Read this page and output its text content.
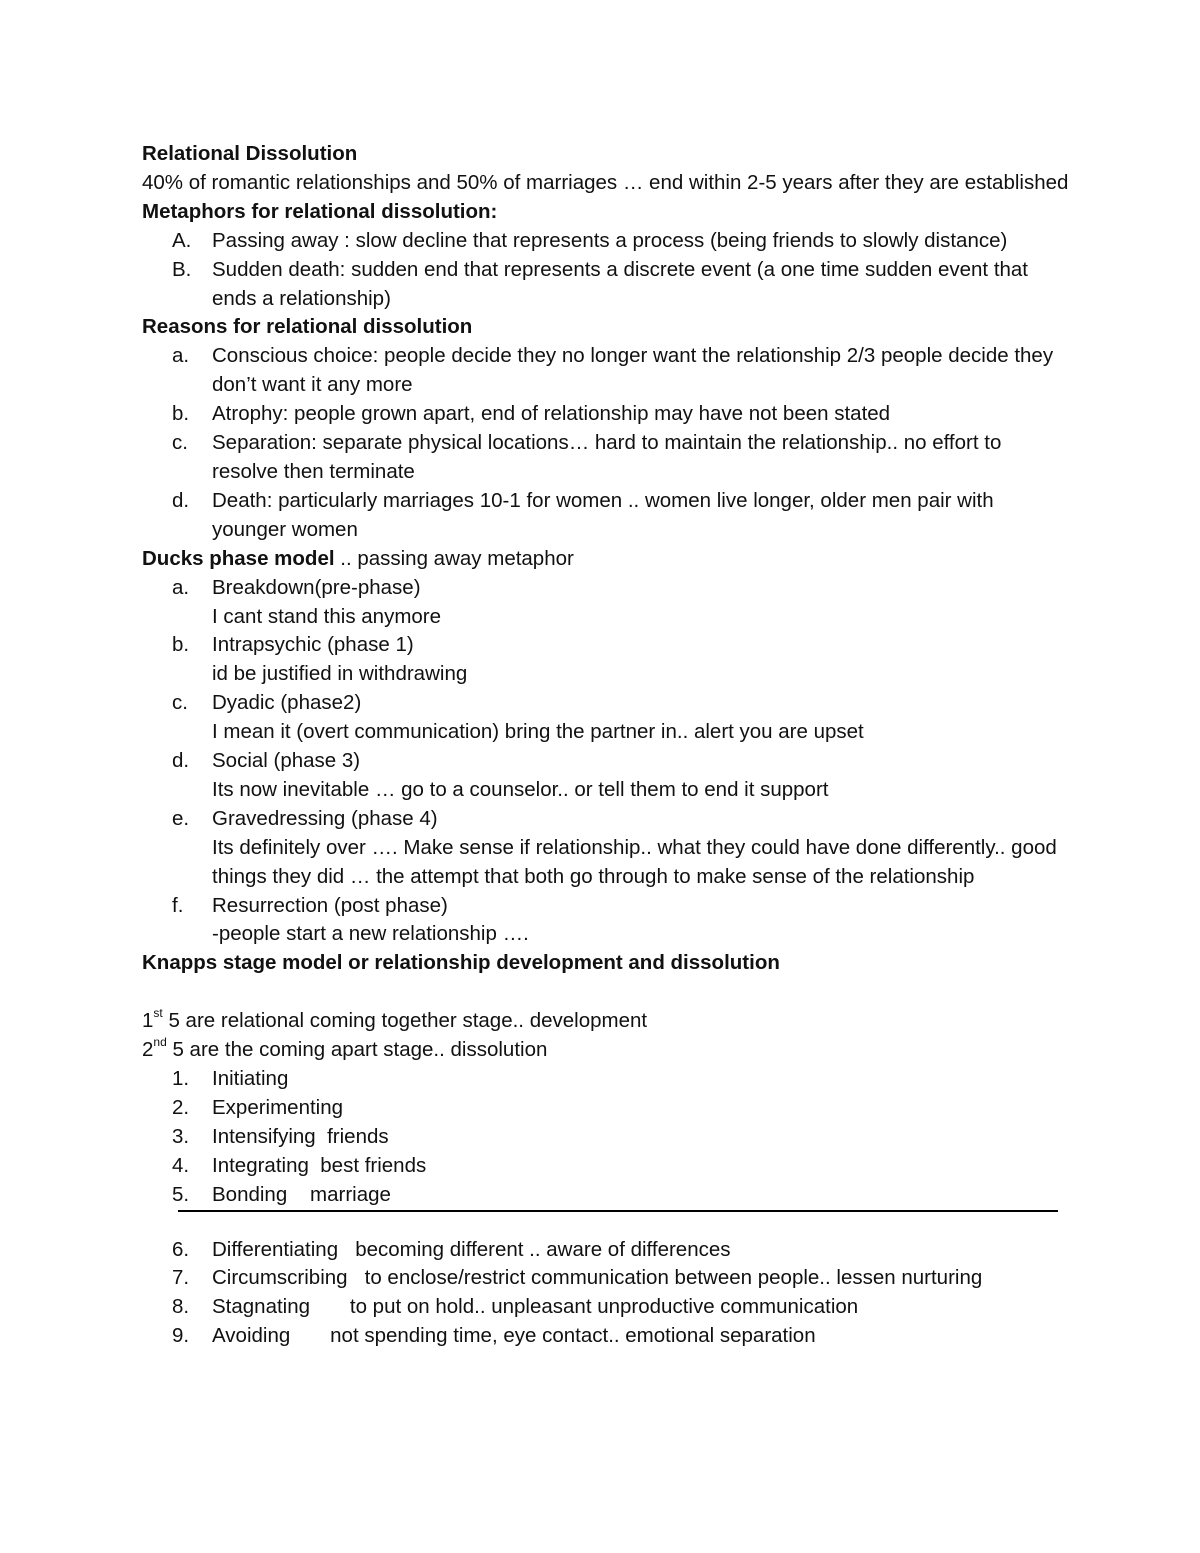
Relational Dissolution

40% of romantic relationships and 50% of marriages … end within 2-5 years after they are established

Metaphors for relational dissolution:

A.	Passing away : slow decline that represents a process (being friends to slowly distance)
B.	Sudden death: sudden end that represents a discrete event (a one time sudden event that ends a relationship)

Reasons for relational dissolution

a.	Conscious choice: people decide they no longer want the relationship 2/3 people decide they don’t want it any more
b.	Atrophy: people grown apart, end of relationship may have not been stated
c.	Separation: separate physical locations… hard to maintain the relationship.. no effort to resolve then terminate
d.	Death: particularly marriages 10-1 for women .. women live longer, older men pair with younger women

Ducks phase model .. passing away metaphor

a.	Breakdown(pre-phase)
I cant stand this anymore
b.	Intrapsychic (phase 1)
id be justified in withdrawing
c.	Dyadic (phase2)
I mean it (overt communication) bring the partner in.. alert you are upset
d.	Social (phase 3)
Its now inevitable … go to a counselor.. or tell them to end it support
e.	Gravedressing (phase 4)
Its definitely over …. Make sense if relationship.. what they could have done differently.. good things they did … the attempt that both go through to make sense of the relationship
f.	Resurrection (post phase)
-people start a new relationship ….

Knapps stage model or relationship development and dissolution

1st 5 are relational coming together stage.. development

2nd 5 are the coming apart stage.. dissolution

1.	Initiating
2.	Experimenting
3.	Intensifying  friends
4.	Integrating  best friends
5.	Bonding    marriage
6.	Differentiating   becoming different .. aware of differences
7.	Circumscribing   to enclose/restrict communication between people.. lessen nurturing
8.	Stagnating       to put on hold.. unpleasant unproductive communication
9.	Avoiding       not spending time, eye contact.. emotional separation
